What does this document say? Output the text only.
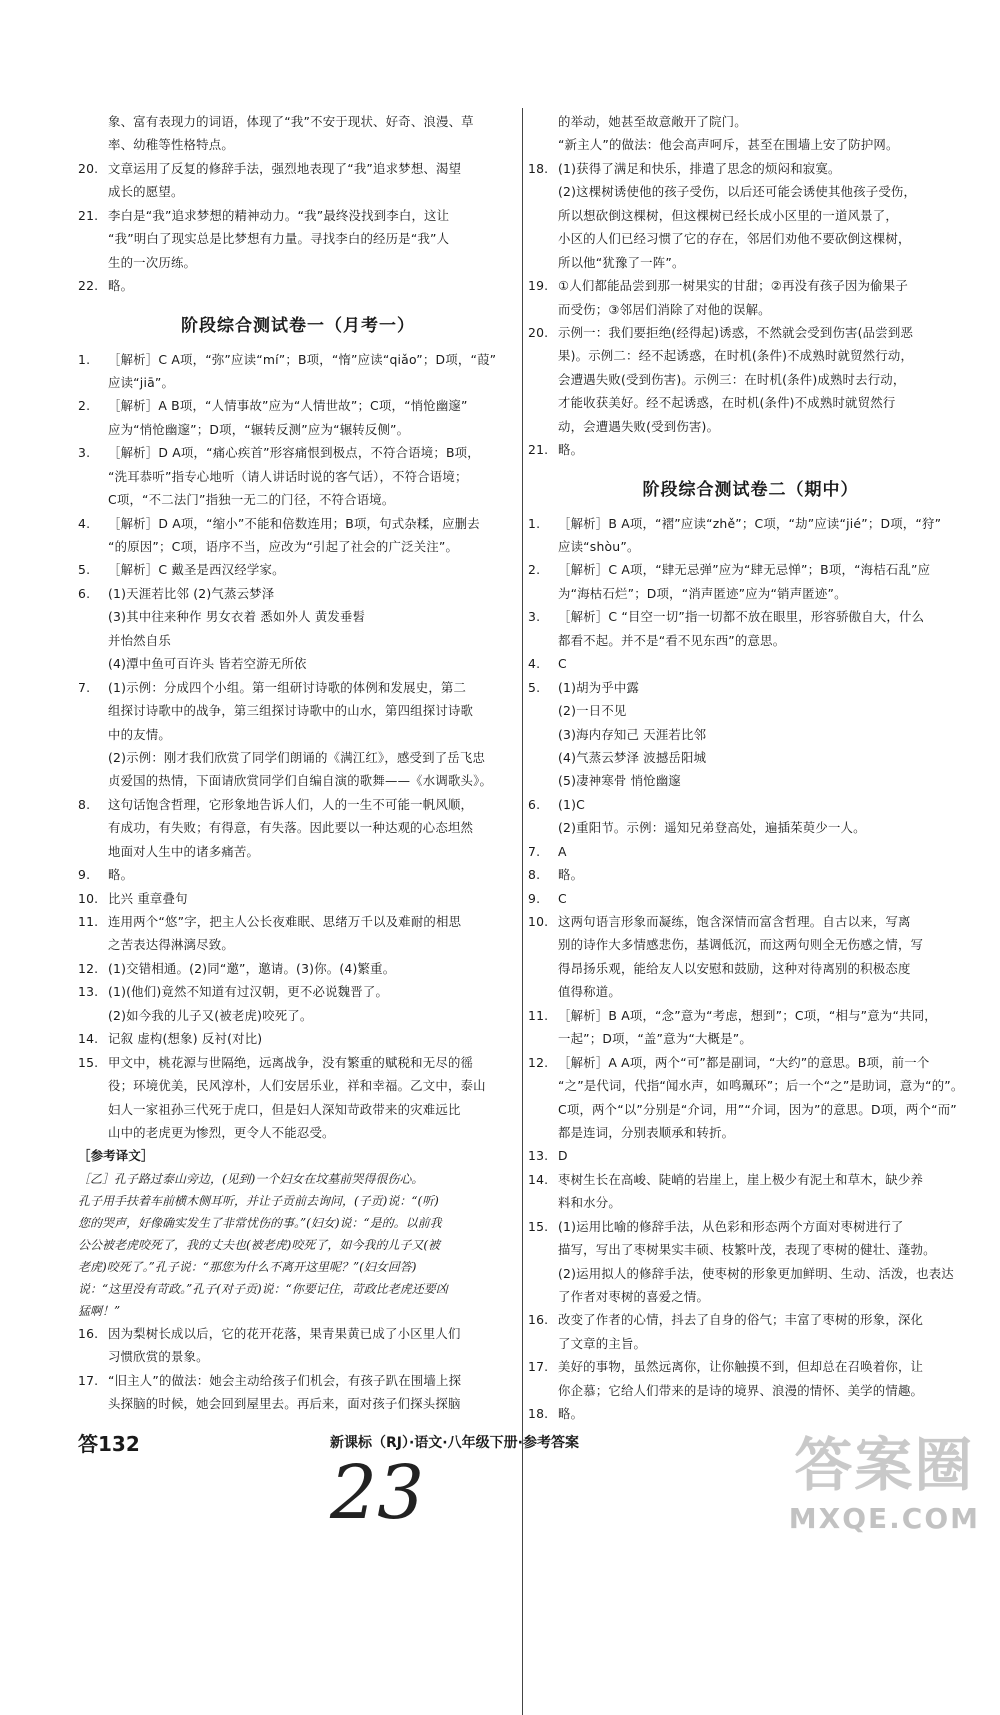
象、富有表现力的词语，体现了“我”不安于现状、好奇、浪漫、草

率、幼稚等性格特点。

20. 文章运用了反复的修辞手法，强烈地表现了“我”追求梦想、渴望

成长的愿望。

21. 李白是“我”追求梦想的精神动力。“我”最终没找到李白，这让

“我”明白了现实总是比梦想有力量。寻找李白的经历是“我”人

生的一次历练。

22. 略。

阶段综合测试卷一（月考一）

1. ［解析］C A项，“弥”应读“mí”；B项，“惰”应读“qiǎo”；D项，“葭”

应读“jiā”。

2. ［解析］A B项，“人情事故”应为“人情世故”；C项，“悄怆幽邃”

应为“悄怆幽邃”；D项，“辗转反测”应为“辗转反侧”。

3. ［解析］D A项，“痛心疾首”形容痛恨到极点，不符合语境；B项，

“洗耳恭听”指专心地听（请人讲话时说的客气话），不符合语境；

C项，“不二法门”指独一无二的门径，不符合语境。

4. ［解析］D A项，“缩小”不能和倍数连用；B项，句式杂糅，应删去

“的原因”；C项，语序不当，应改为“引起了社会的广泛关注”。

5. ［解析］C 戴圣是西汉经学家。

6. (1)天涯若比邻 (2)气蒸云梦泽

(3)其中往来种作 男女衣着 悉如外人 黄发垂髫

并怡然自乐

(4)潭中鱼可百许头 皆若空游无所依

7. (1)示例：分成四个小组。第一组研讨诗歌的体例和发展史，第二

组探讨诗歌中的战争，第三组探讨诗歌中的山水，第四组探讨诗歌

中的友情。

(2)示例：刚才我们欣赏了同学们朗诵的《满江红》，感受到了岳飞忠

贞爱国的热情，下面请欣赏同学们自编自演的歌舞——《水调歌头》。

8. 这句话饱含哲理，它形象地告诉人们，人的一生不可能一帆风顺，

有成功，有失败；有得意，有失落。因此要以一种达观的心态坦然

地面对人生中的诸多痛苦。

9. 略。

10. 比兴 重章叠句

11. 连用两个“悠”字，把主人公长夜难眠、思绪万千以及难耐的相思

之苦表达得淋漓尽致。

12. (1)交错相通。(2)同“邀”，邀请。(3)你。(4)繁重。

13. (1)(他们)竟然不知道有过汉朝，更不必说魏晋了。

(2)如今我的儿子又(被老虎)咬死了。

14. 记叙 虚构(想象) 反衬(对比)

15. 甲文中，桃花源与世隔绝，远离战争，没有繁重的赋税和无尽的徭

役；环境优美，民风淳朴，人们安居乐业，祥和幸福。乙文中，泰山

妇人一家祖孙三代死于虎口，但是妇人深知苛政带来的灾难远比

山中的老虎更为惨烈，更令人不能忍受。

［参考译文］

［乙］孔子路过泰山旁边，(见到)一个妇女在坟墓前哭得很伤心。

孔子用手扶着车前横木侧耳听，并让子贡前去询问，(子贡)说：“(听)

您的哭声，好像确实发生了非常忧伤的事。”(妇女)说：“是的。以前我

公公被老虎咬死了，我的丈夫也(被老虎)咬死了，如今我的儿子又(被

老虎)咬死了。”孔子说：“那您为什么不离开这里呢？”(妇女回答)

说：“这里没有苛政。”孔子(对子贡)说：“你要记住，苛政比老虎还要凶

猛啊！”

16. 因为梨树长成以后，它的花开花落，果青果黄已成了小区里人们

习惯欣赏的景象。

17. “旧主人”的做法：她会主动给孩子们机会，有孩子趴在围墙上探

头探脑的时候，她会回到屋里去。再后来，面对孩子们探头探脑

的举动，她甚至故意敞开了院门。

“新主人”的做法：他会高声呵斥，甚至在围墙上安了防护网。

18. (1)获得了满足和快乐，排遣了思念的烦闷和寂寞。

(2)这棵树诱使他的孩子受伤，以后还可能会诱使其他孩子受伤，

所以想砍倒这棵树，但这棵树已经长成小区里的一道风景了，

小区的人们已经习惯了它的存在，邻居们劝他不要砍倒这棵树，

所以他“犹豫了一阵”。

19. ①人们都能品尝到那一树果实的甘甜；②再没有孩子因为偷果子

而受伤；③邻居们消除了对他的误解。

20. 示例一：我们要拒绝(经得起)诱惑，不然就会受到伤害(品尝到恶

果)。示例二：经不起诱惑，在时机(条件)不成熟时就贸然行动，

会遭遇失败(受到伤害)。示例三：在时机(条件)成熟时去行动，

才能收获美好。经不起诱惑，在时机(条件)不成熟时就贸然行

动，会遭遇失败(受到伤害)。

21. 略。

阶段综合测试卷二（期中）

1. ［解析］B A项，“褶”应读“zhě”；C项，“劫”应读“jié”；D项，“狩”

应读“shòu”。

2. ［解析］C A项，“肆无忌弹”应为“肆无忌惮”；B项，“海桔石乱”应

为“海枯石烂”；D项，“消声匿迹”应为“销声匿迹”。

3. ［解析］C “目空一切”指一切都不放在眼里，形容骄傲自大，什么

都看不起。并不是“看不见东西”的意思。

4. C

5. (1)胡为乎中露

(2)一日不见

(3)海内存知己 天涯若比邻

(4)气蒸云梦泽 波撼岳阳城

(5)凄神寒骨 悄怆幽邃

6. (1)C

(2)重阳节。示例：遥知兄弟登高处，遍插茱萸少一人。

7. A

8. 略。

9. C

10. 这两句语言形象而凝练，饱含深情而富含哲理。自古以来，写离

别的诗作大多情感悲伤，基调低沉，而这两句则全无伤感之情，写

得昂扬乐观，能给友人以安慰和鼓励，这种对待离别的积极态度

值得称道。

11. ［解析］B A项，“念”意为“考虑，想到”；C项，“相与”意为“共同，

一起”；D项，“盖”意为“大概是”。

12. ［解析］A A项，两个“可”都是副词，“大约”的意思。B项，前一个

“之”是代词，代指“闻水声，如鸣珮环”；后一个“之”是助词，意为“的”。

C项，两个“以”分别是“介词，用”“介词，因为”的意思。D项，两个“而”

都是连词，分别表顺承和转折。

13. D

14. 枣树生长在高峻、陡峭的岩崖上，崖上极少有泥土和草木，缺少养

料和水分。

15. (1)运用比喻的修辞手法，从色彩和形态两个方面对枣树进行了

描写，写出了枣树果实丰硕、枝繁叶茂，表现了枣树的健壮、蓬勃。

(2)运用拟人的修辞手法，使枣树的形象更加鲜明、生动、活泼，也表达

了作者对枣树的喜爱之情。

16. 改变了作者的心情，抖去了自身的俗气；丰富了枣树的形象，深化

了文章的主旨。

17. 美好的事物，虽然远离你，让你触摸不到，但却总在召唤着你，让

你企慕；它给人们带来的是诗的境界、浪漫的情怀、美学的情趣。

18. 略。

答132	新课标（RJ）·语文·八年级下册·参考答案
23	答案圈
MXQE.COM
